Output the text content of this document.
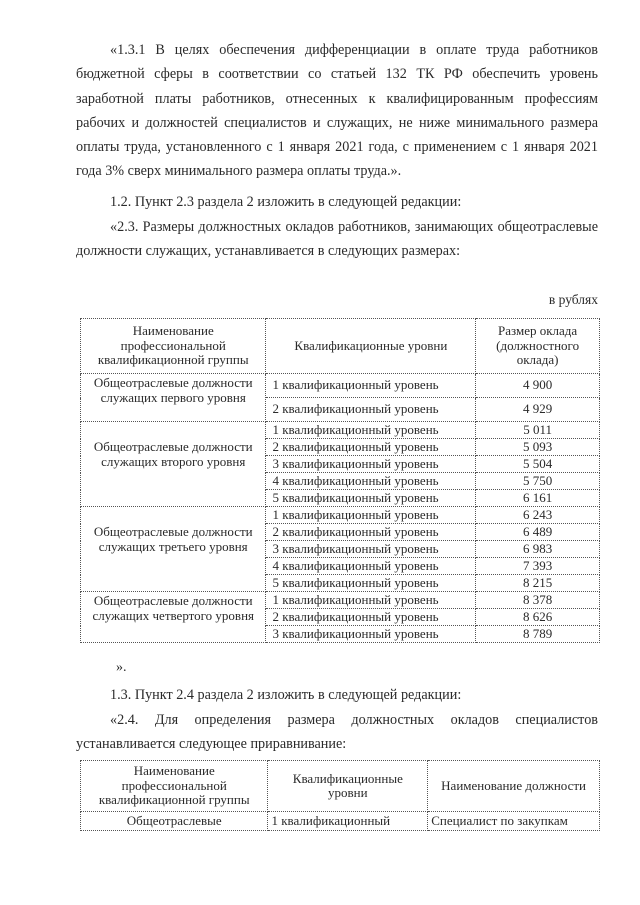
«1.3.1 В целях обеспечения дифференциации в оплате труда работников бюджетной сферы в соответствии со статьей 132 ТК РФ обеспечить уровень заработной платы работников, отнесенных к квалифицированным профессиям рабочих и должностей специалистов и служащих, не ниже минимального размера оплаты труда, установленного с 1 января 2021 года, с применением с 1 января 2021 года 3% сверх минимального размера оплаты труда.».
1.2. Пункт 2.3 раздела 2 изложить в следующей редакции:
«2.3. Размеры должностных окладов работников, занимающих общеотраслевые должности служащих, устанавливается в следующих размерах:
в рублях
Наименование профессиональной квалификационной группы	Квалификационные уровни	Размер оклада (должностного оклада)
Общеотраслевые должности служащих первого уровня	1 квалификационный уровень	4 900
	2 квалификационный уровень	4 929
Общеотраслевые должности служащих второго уровня	1 квалификационный уровень	5 011
	2 квалификационный уровень	5 093
	3 квалификационный уровень	5 504
	4 квалификационный уровень	5 750
	5 квалификационный уровень	6 161
Общеотраслевые должности служащих третьего уровня	1 квалификационный уровень	6 243
	2 квалификационный уровень	6 489
	3 квалификационный уровень	6 983
	4 квалификационный уровень	7 393
	5 квалификационный уровень	8 215
Общеотраслевые должности служащих четвертого уровня	1 квалификационный уровень	8 378
	2 квалификационный уровень	8 626
	3 квалификационный уровень	8 789
».
1.3. Пункт 2.4 раздела 2 изложить в следующей редакции:
«2.4. Для определения размера должностных окладов специалистов устанавливается следующее приравнивание:
Наименование профессиональной квалификационной группы	Квалификационные уровни	Наименование должности
Общеотраслевые	1 квалификационный	Специалист по закупкам
